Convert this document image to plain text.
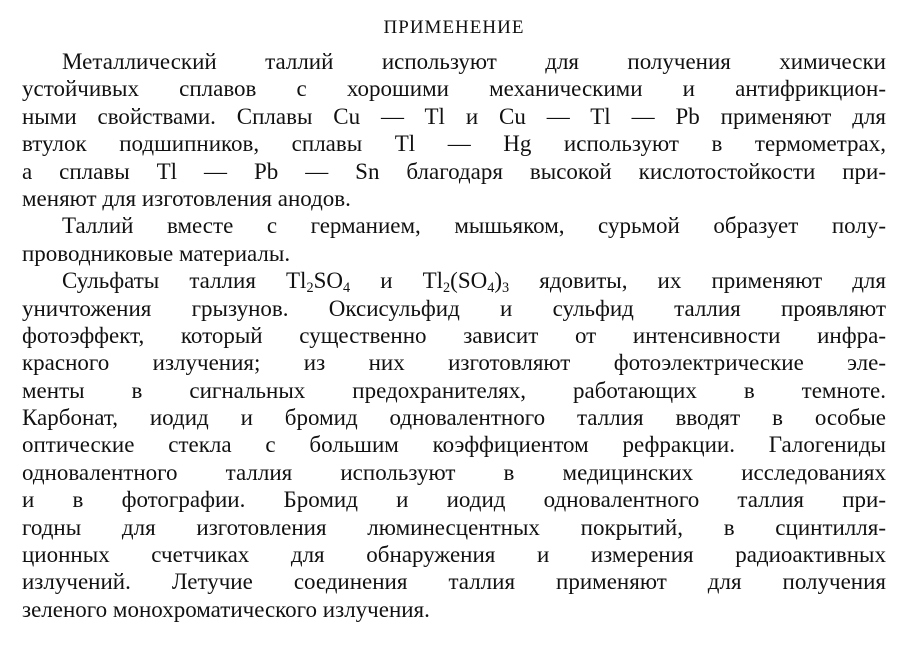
ПРИМЕНЕНИЕ
Металлический таллий используют для получения химически
устойчивых сплавов с хорошими механическими и антифрикцион-
ными свойствами. Сплавы Cu — Tl и Cu — Tl — Pb применяют для
втулок подшипников, сплавы Tl — Hg используют в термометрах,
а сплавы Tl — Pb — Sn благодаря высокой кислотостойкости при-
меняют для изготовления анодов.
Таллий вместе с германием, мышьяком, сурьмой образует полу-
проводниковые материалы.
Сульфаты таллия $Tl_2SO_4$ и $Tl_2(SO_4)_3$ ядовиты, их применяют для
уничтожения грызунов. Оксисульфид и сульфид таллия проявляют
фотоэффект, который существенно зависит от интенсивности инфра-
красного излучения; из них изготовляют фотоэлектрические эле-
менты в сигнальных предохранителях, работающих в темноте.
Карбонат, иодид и бромид одновалентного таллия вводят в особые
оптические стекла с большим коэффициентом рефракции. Галогениды
одновалентного таллия используют в медицинских исследованиях
и в фотографии. Бромид и иодид одновалентного таллия при-
годны для изготовления люминесцентных покрытий, в сцинтилля-
ционных счетчиках для обнаружения и измерения радиоактивных
излучений. Летучие соединения таллия применяют для получения
зеленого монохроматического излучения.
